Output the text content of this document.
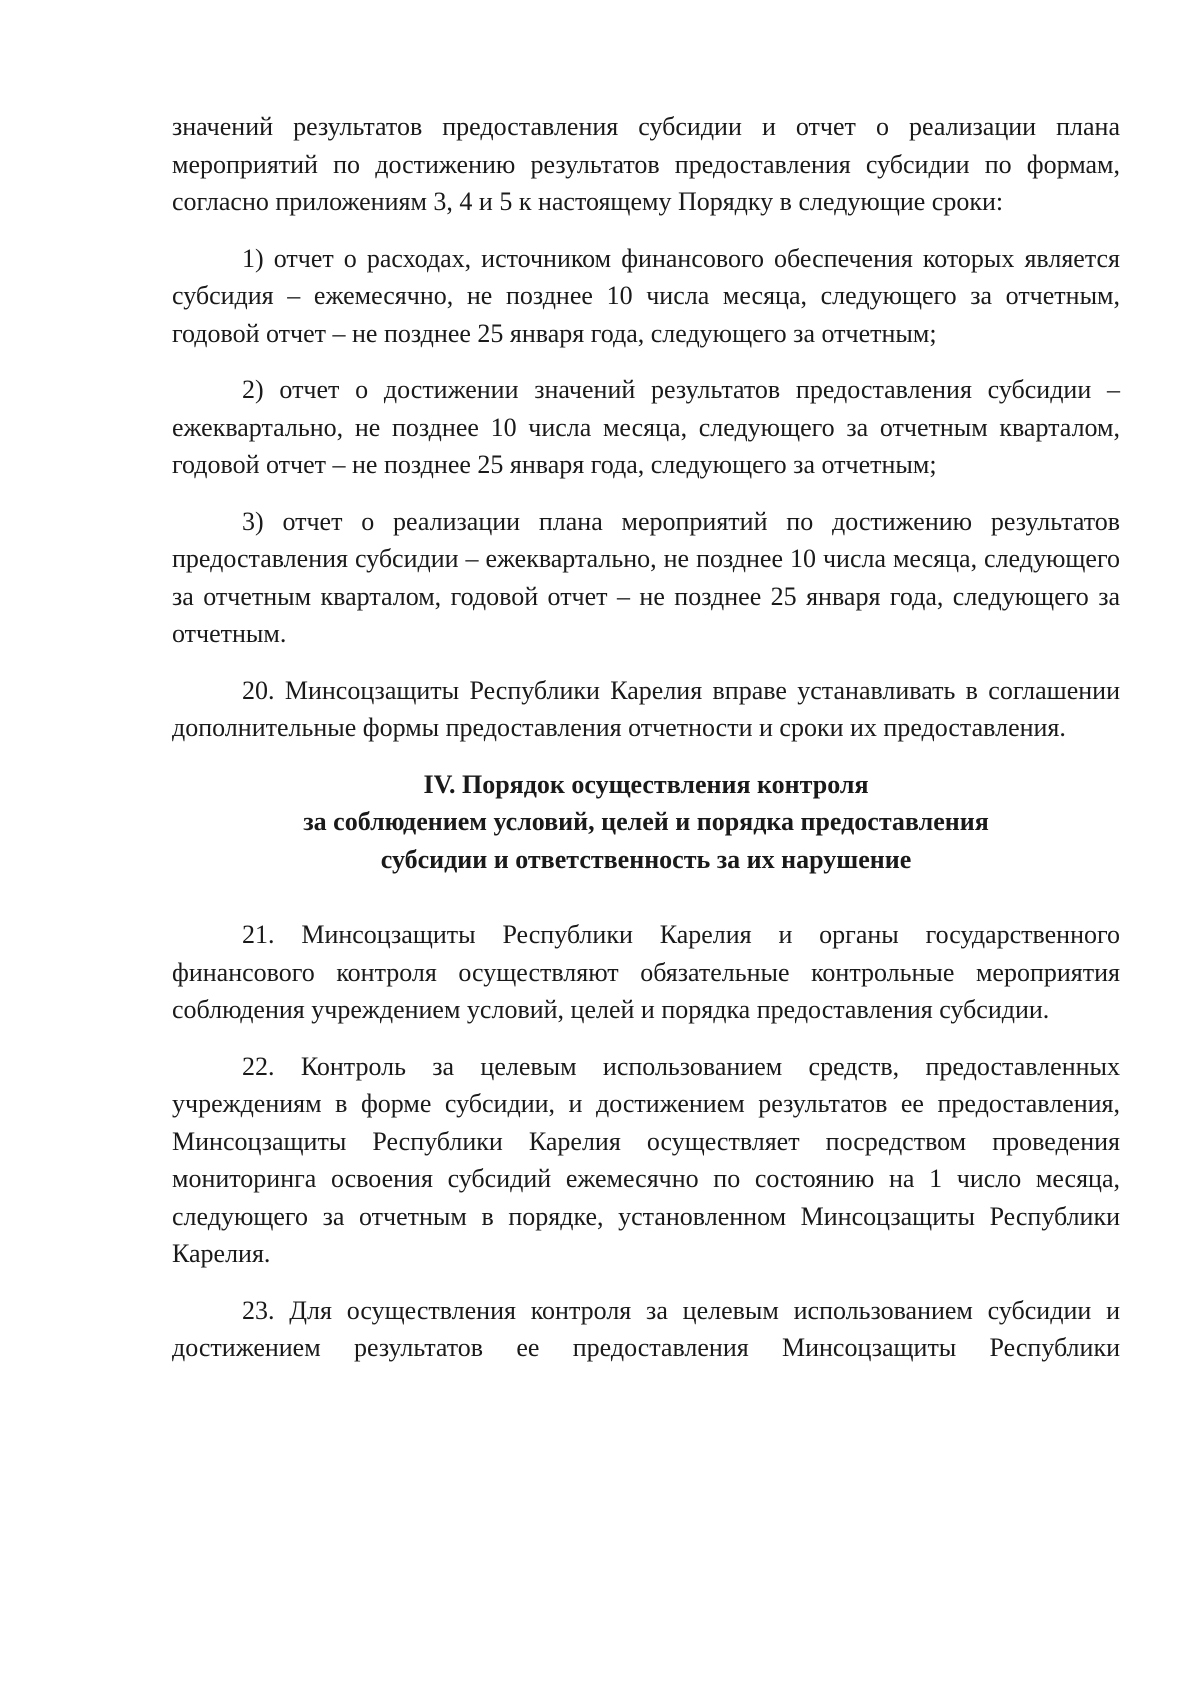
значений результатов предоставления субсидии и отчет о реализации плана мероприятий по достижению результатов предоставления субсидии по формам, согласно приложениям 3, 4 и 5 к настоящему Порядку в следующие сроки:

1) отчет о расходах, источником финансового обеспечения которых является субсидия – ежемесячно, не позднее 10 числа месяца, следующего за отчетным, годовой отчет – не позднее 25 января года, следующего за отчетным;

2) отчет о достижении значений результатов предоставления субсидии – ежеквартально, не позднее 10 числа месяца, следующего за отчетным кварталом, годовой отчет – не позднее 25 января года, следующего за отчетным;

3) отчет о реализации плана мероприятий по достижению результатов предоставления субсидии – ежеквартально, не позднее 10 числа месяца, следующего за отчетным кварталом, годовой отчет – не позднее 25 января года, следующего за отчетным.

20. Минсоцзащиты Республики Карелия вправе устанавливать в соглашении дополнительные формы предоставления отчетности и сроки их предоставления.

IV. Порядок осуществления контроля
за соблюдением условий, целей и порядка предоставления
субсидии и ответственность за их нарушение

21. Минсоцзащиты Республики Карелия и органы государственного финансового контроля осуществляют обязательные контрольные мероприятия соблюдения учреждением условий, целей и порядка предоставления субсидии.

22. Контроль за целевым использованием средств, предоставленных учреждениям в форме субсидии, и достижением результатов ее предоставления, Минсоцзащиты Республики Карелия осуществляет посредством проведения мониторинга освоения субсидий ежемесячно по состоянию на 1 число месяца, следующего за отчетным в порядке, установленном Минсоцзащиты Республики Карелия.

23. Для осуществления контроля за целевым использованием субсидии и достижением результатов ее предоставления Минсоцзащиты Республики
